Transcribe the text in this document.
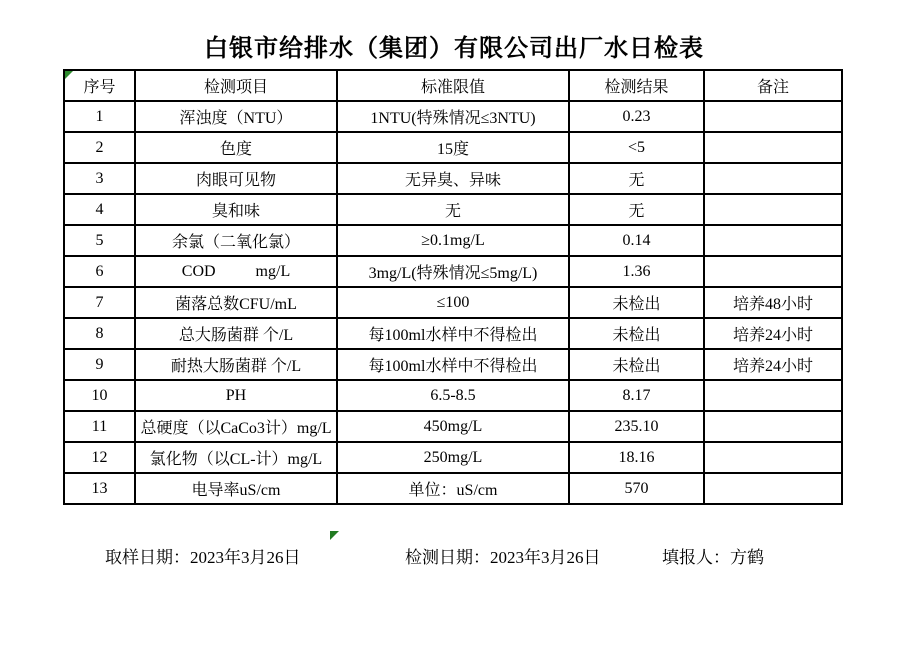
白银市给排水（集团）有限公司出厂水日检表
序号	检测项目	标准限值	检测结果	备注
1	浑浊度（NTU）	1NTU(特殊情况≤3NTU)	0.23	
2	色度	15度	<5	
3	肉眼可见物	无异臭、异味	无	
4	臭和味	无	无	
5	余氯（二氧化氯）	≥0.1mg/L	0.14	
6	COD          mg/L	3mg/L(特殊情况≤5mg/L)	1.36	
7	菌落总数CFU/mL	≤100	未检出	培养48小时
8	总大肠菌群 个/L	每100ml水样中不得检出	未检出	培养24小时
9	耐热大肠菌群 个/L	每100ml水样中不得检出	未检出	培养24小时
10	PH	6.5-8.5	8.17	
11	总硬度（以CaCo3计）mg/L	450mg/L	235.10	
12	氯化物（以CL-计）mg/L	250mg/L	18.16	
13	电导率uS/cm	单位：uS/cm	570	
取样日期：2023年3月26日	检测日期：2023年3月26日	填报人：方鹤
